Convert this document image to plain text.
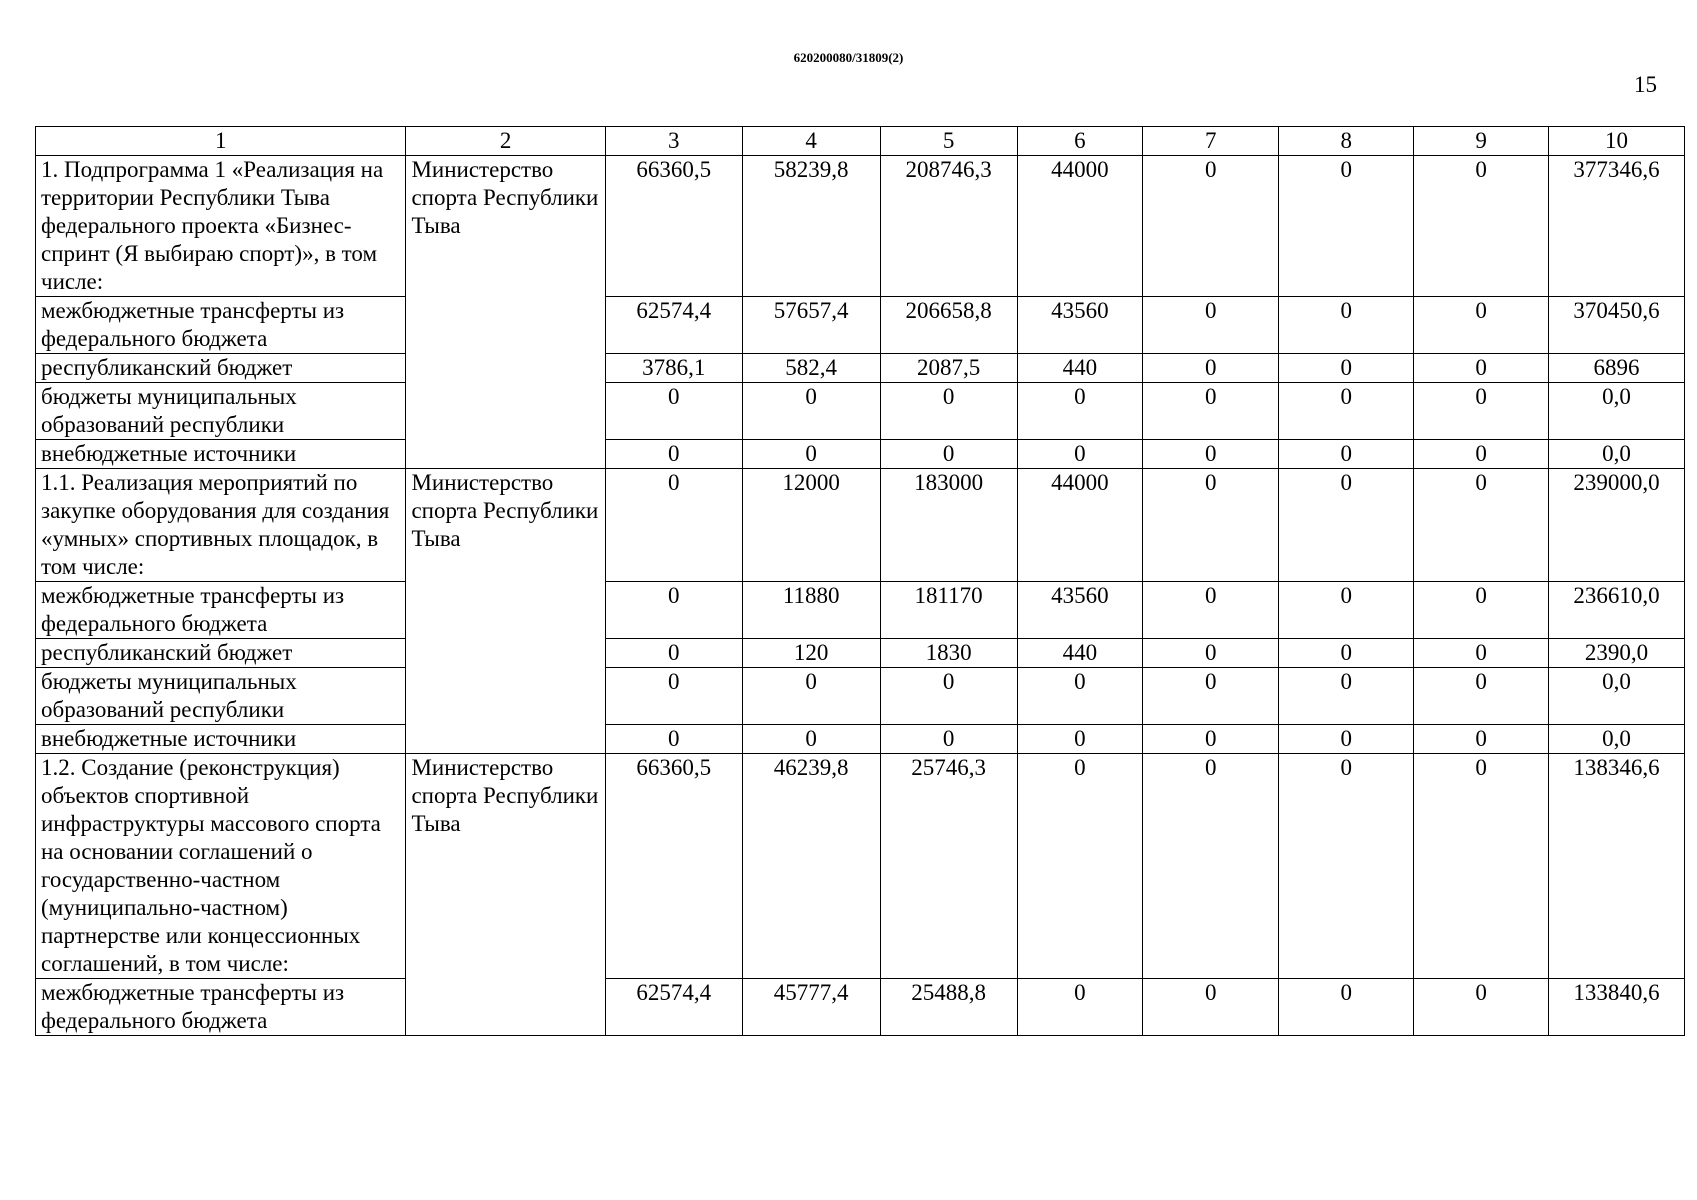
620200080/31809(2)
15
1	2	3	4	5	6	7	8	9	10
1. Подпрограмма 1 «Реализация на территории Республики Тыва федерального проекта «Бизнес-спринт (Я выбираю спорт)», в том числе:	Министерство спорта Республики Тыва	66360,5	58239,8	208746,3	44000	0	0	0	377346,6
межбюджетные трансферты из федерального бюджета		62574,4	57657,4	206658,8	43560	0	0	0	370450,6
республиканский бюджет		3786,1	582,4	2087,5	440	0	0	0	6896
бюджеты муниципальных образований республики		0	0	0	0	0	0	0	0,0
внебюджетные источники		0	0	0	0	0	0	0	0,0
1.1. Реализация мероприятий по закупке оборудования для создания «умных» спортивных площадок, в том числе:	Министерство спорта Республики Тыва	0	12000	183000	44000	0	0	0	239000,0
межбюджетные трансферты из федерального бюджета		0	11880	181170	43560	0	0	0	236610,0
республиканский бюджет		0	120	1830	440	0	0	0	2390,0
бюджеты муниципальных образований республики		0	0	0	0	0	0	0	0,0
внебюджетные источники		0	0	0	0	0	0	0	0,0
1.2. Создание (реконструкция) объектов спортивной инфраструктуры массового спорта на основании соглашений о государственно-частном (муниципально-частном) партнерстве или концессионных соглашений, в том числе:	Министерство спорта Республики Тыва	66360,5	46239,8	25746,3	0	0	0	0	138346,6
межбюджетные трансферты из федерального бюджета		62574,4	45777,4	25488,8	0	0	0	0	133840,6
